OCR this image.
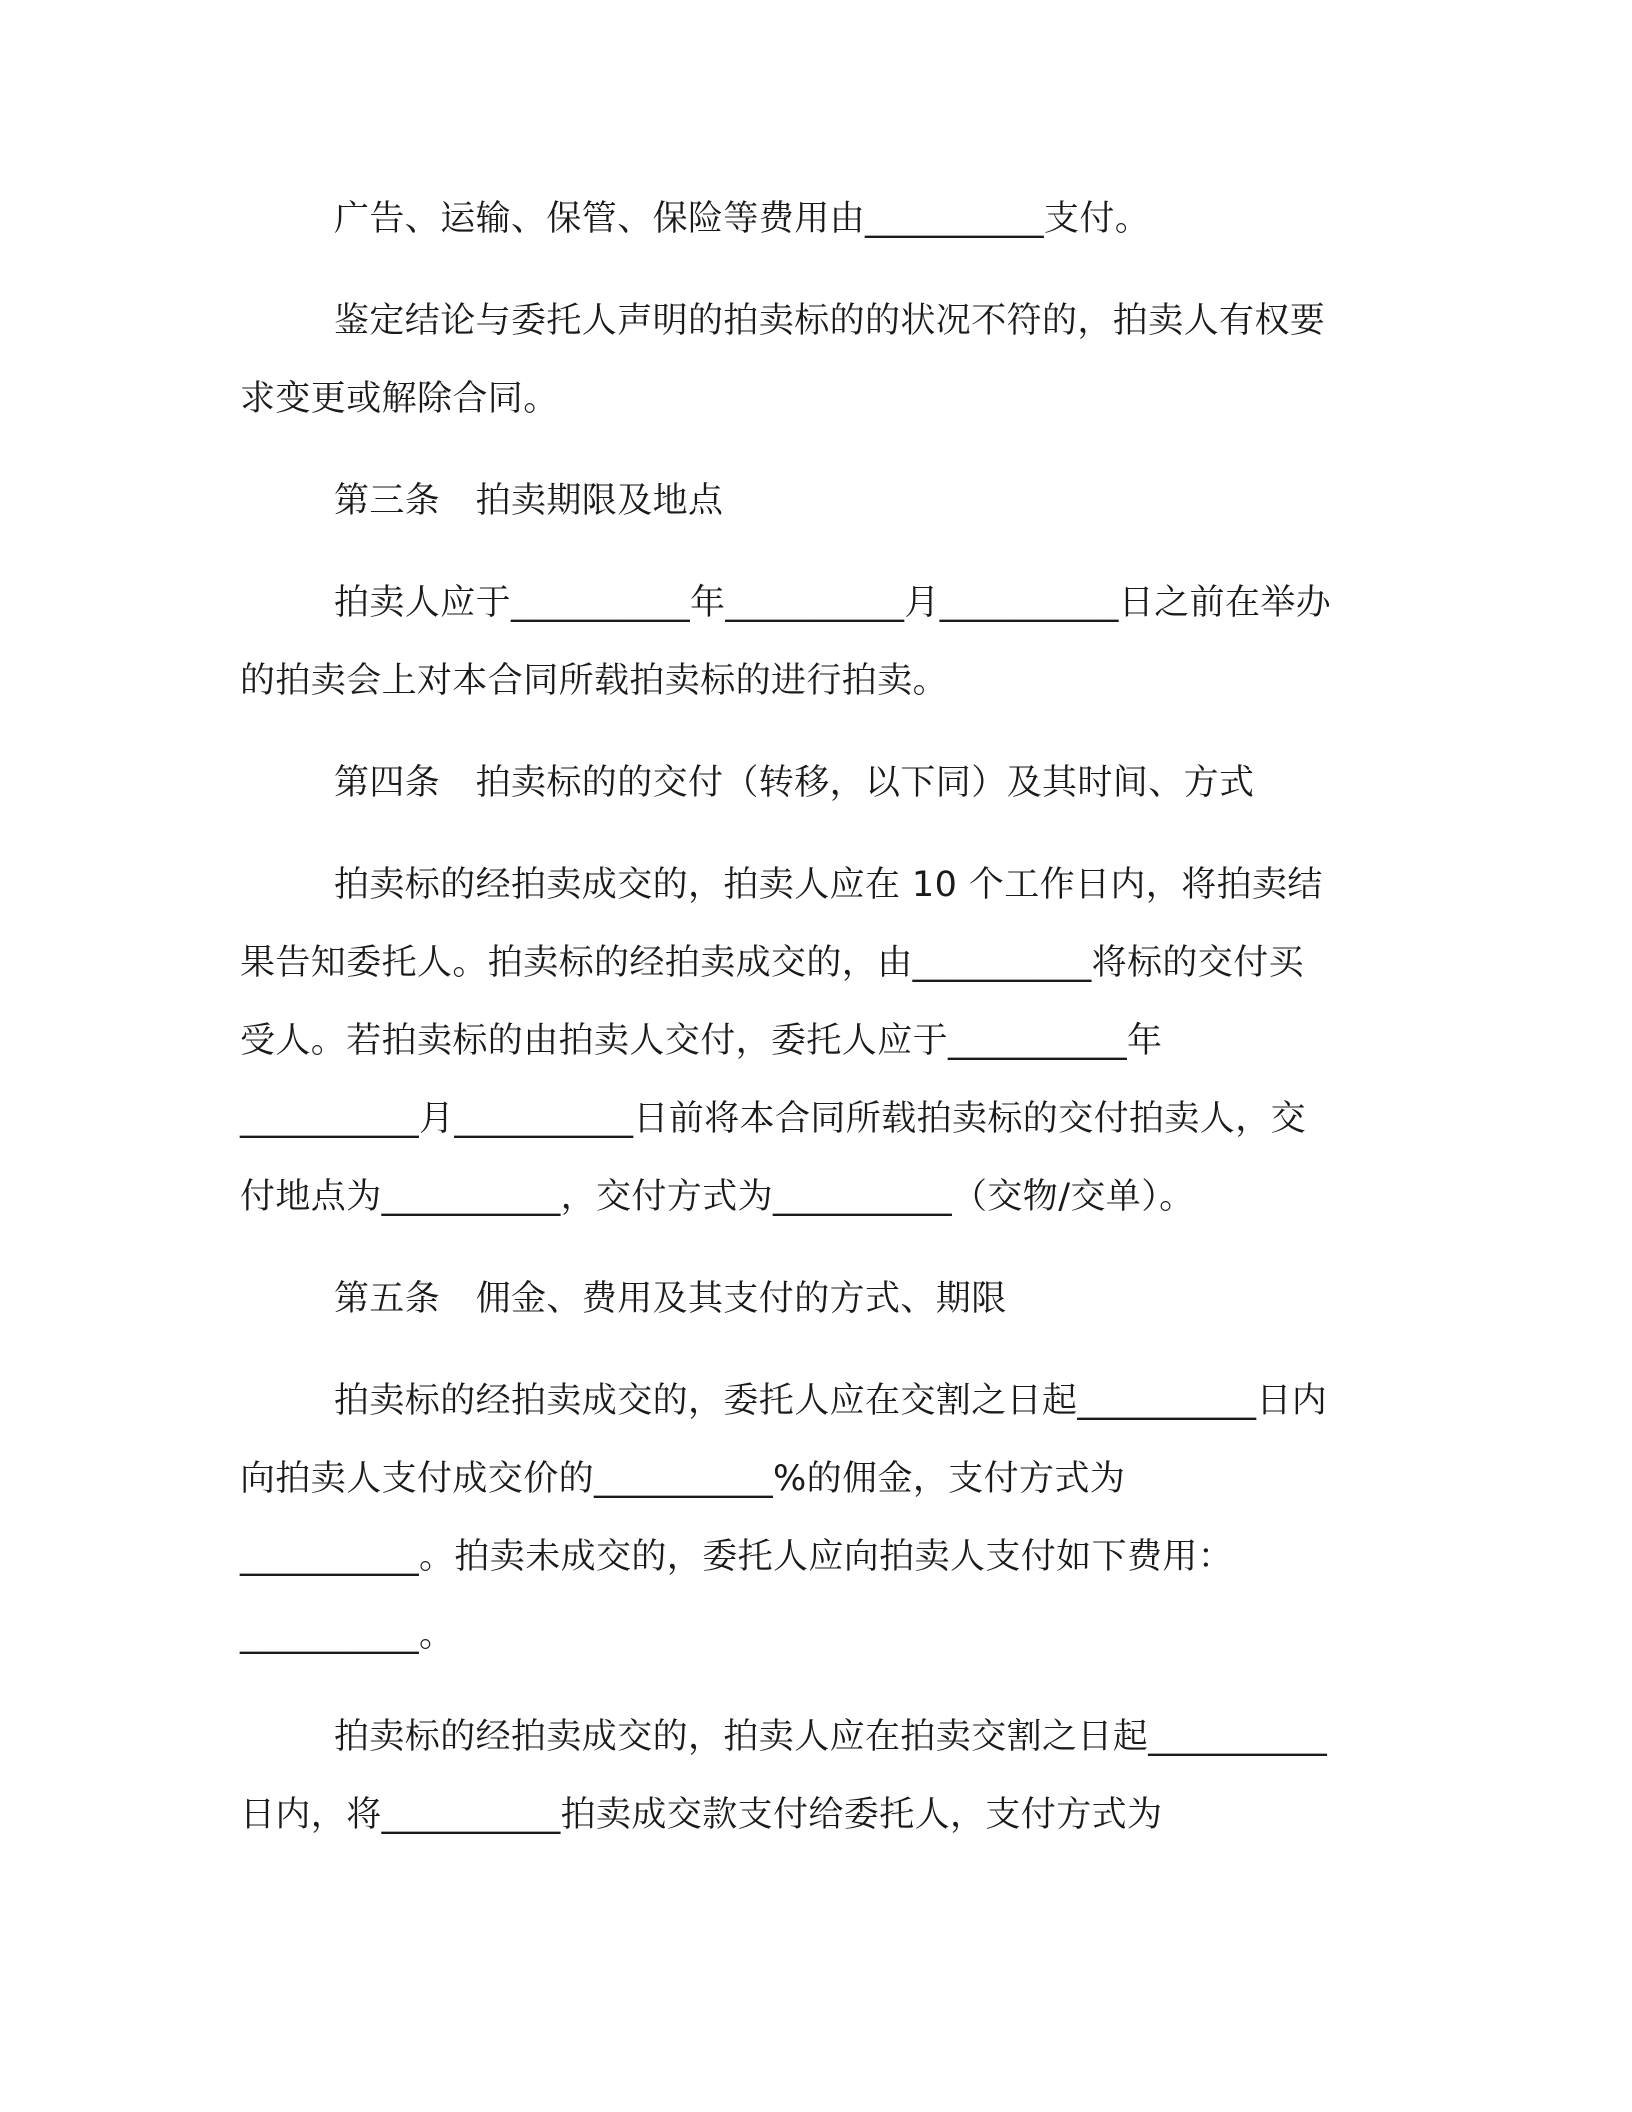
广告、运输、保管、保险等费用由__________支付。
鉴定结论与委托人声明的拍卖标的的状况不符的，拍卖人有权要
求变更或解除合同。
第三条　拍卖期限及地点
拍卖人应于__________年__________月__________日之前在举办
的拍卖会上对本合同所载拍卖标的进行拍卖。
第四条　拍卖标的的交付（转移，以下同）及其时间、方式
拍卖标的经拍卖成交的，拍卖人应在 10 个工作日内，将拍卖结
果告知委托人。拍卖标的经拍卖成交的，由__________将标的交付买
受人。若拍卖标的由拍卖人交付，委托人应于__________年
__________月__________日前将本合同所载拍卖标的交付拍卖人，交
付地点为__________，交付方式为__________（交物/交单）。
第五条　佣金、费用及其支付的方式、期限
拍卖标的经拍卖成交的，委托人应在交割之日起__________日内
向拍卖人支付成交价的__________%的佣金，支付方式为
__________。拍卖未成交的，委托人应向拍卖人支付如下费用：
__________。
拍卖标的经拍卖成交的，拍卖人应在拍卖交割之日起__________
日内，将__________拍卖成交款支付给委托人，支付方式为
